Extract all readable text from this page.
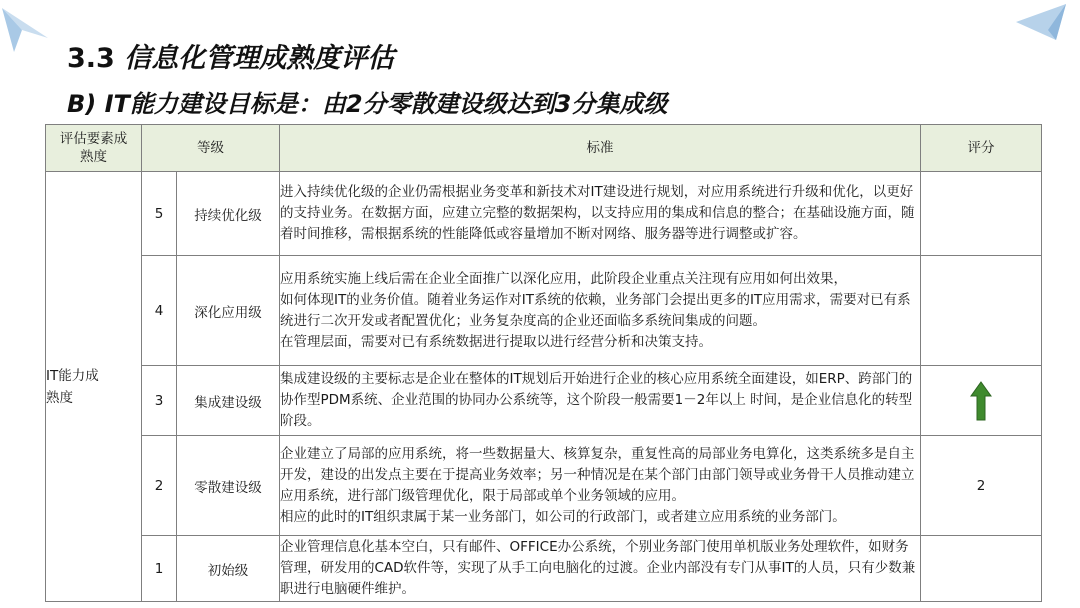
3.3 信息化管理成熟度评估
B) IT能力建设目标是：由2分零散建设级达到3分集成级
评估要素成熟度	等级		标准	评分

IT能力成熟度	5	持续优化级	进入持续优化级的企业仍需根据业务变革和新技术对IT建设进行规划，对应用系统进行升级和优化，以更好的支持业务。在数据方面，应建立完整的数据架构，以支持应用的集成和信息的整合；在基础设施方面，随着时间推移，需根据系统的性能降低或容量增加不断对网络、服务器等进行调整或扩容。	

	4	深化应用级	应用系统实施上线后需在企业全面推广以深化应用，此阶段企业重点关注现有应用如何出效果，
如何体现IT的业务价值。随着业务运作对IT系统的依赖，业务部门会提出更多的IT应用需求，需要对已有系统进行二次开发或者配置优化；业务复杂度高的企业还面临多系统间集成的问题。
在管理层面，需要对已有系统数据进行提取以进行经营分析和决策支持。	

	3	集成建设级	集成建设级的主要标志是企业在整体的IT规划后开始进行企业的核心应用系统全面建设，如ERP、跨部门的协作型PDM系统、企业范围的协同办公系统等，这个阶段一般需要1－2年以上 时间，是企业信息化的转型阶段。

	2	零散建设级	企业建立了局部的应用系统，将一些数据量大、核算复杂，重复性高的局部业务电算化，这类系统多是自主开发，建设的出发点主要在于提高业务效率；另一种情况是在某个部门由部门领导或业务骨干人员推动建立应用系统，进行部门级管理优化，限于局部或单个业务领域的应用。
相应的此时的IT组织隶属于某一业务部门，如公司的行政部门，或者建立应用系统的业务部门。	2
	1	初始级	企业管理信息化基本空白，只有邮件、OFFICE办公系统，个别业务部门使用单机版业务处理软件，如财务管理，研发用的CAD软件等，实现了从手工向电脑化的过渡。企业内部没有专门从事IT的人员，只有少数兼职进行电脑硬件维护。	
